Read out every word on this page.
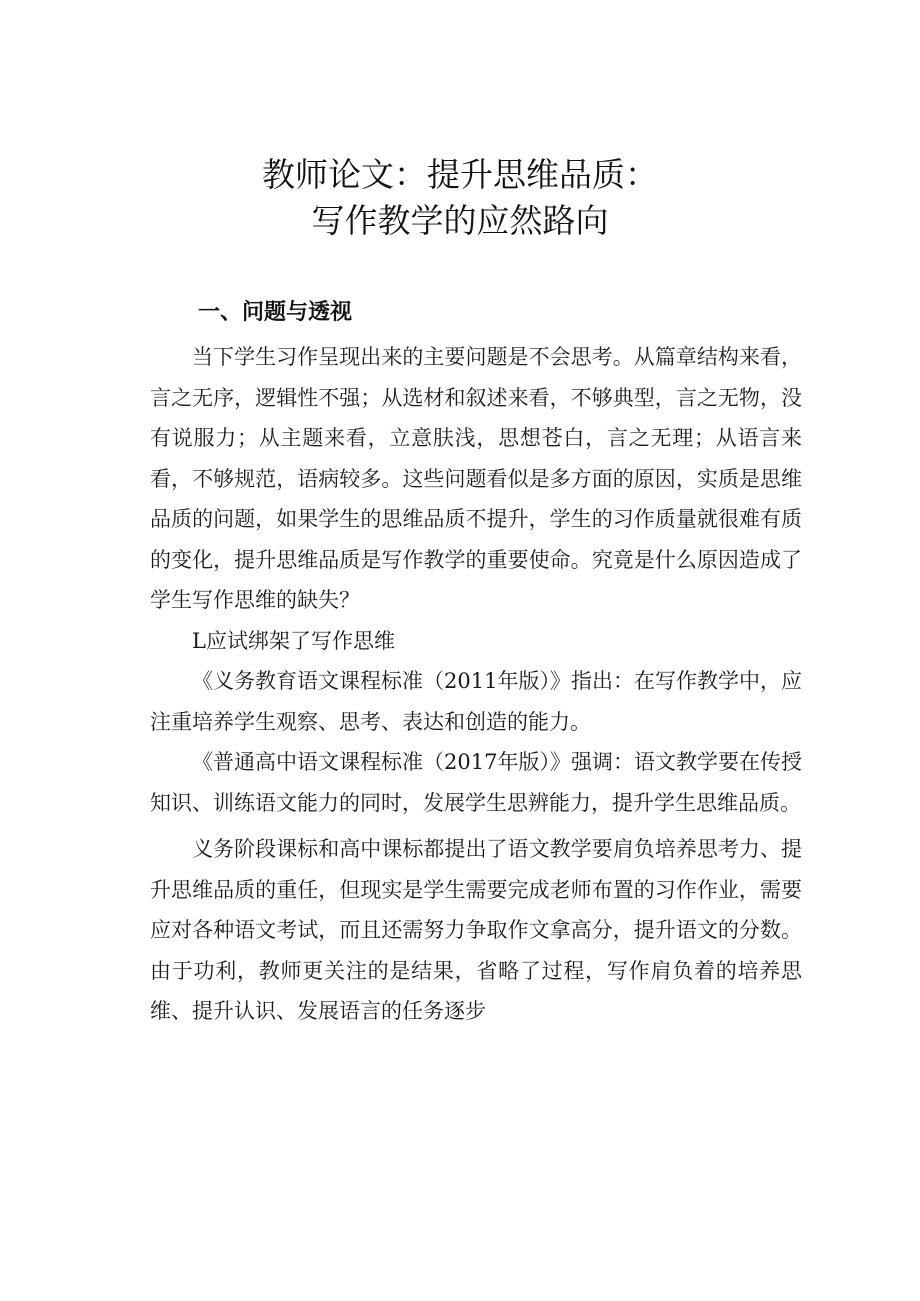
教师论文：提升思维品质：
写作教学的应然路向
一、问题与透视

当下学生习作呈现出来的主要问题是不会思考。从篇章结构来看，言之无序，逻辑性不强；从选材和叙述来看，不够典型，言之无物，没有说服力；从主题来看，立意肤浅，思想苍白，言之无理；从语言来看，不够规范，语病较多。这些问题看似是多方面的原因，实质是思维品质的问题，如果学生的思维品质不提升，学生的习作质量就很难有质的变化，提升思维品质是写作教学的重要使命。究竟是什么原因造成了学生写作思维的缺失？

L应试绑架了写作思维

《义务教育语文课程标准（2011年版）》指出：在写作教学中，应注重培养学生观察、思考、表达和创造的能力。

《普通高中语文课程标准（2017年版）》强调：语文教学要在传授知识、训练语文能力的同时，发展学生思辨能力，提升学生思维品质。

义务阶段课标和高中课标都提出了语文教学要肩负培养思考力、提升思维品质的重任，但现实是学生需要完成老师布置的习作作业，需要应对各种语文考试，而且还需努力争取作文拿高分，提升语文的分数。由于功利，教师更关注的是结果，省略了过程，写作肩负着的培养思维、提升认识、发展语言的任务逐步
